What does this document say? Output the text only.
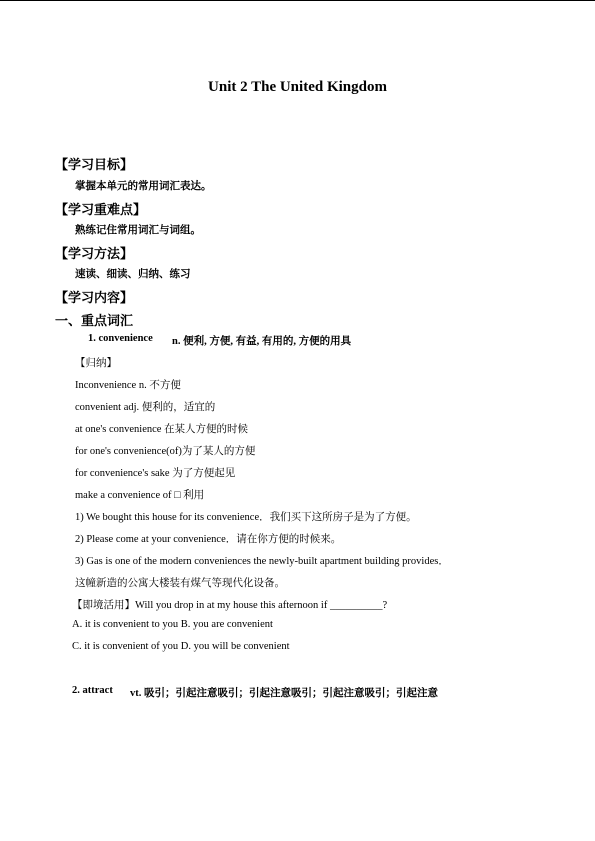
Unit 2 The United Kingdom
【学习目标】
掌握本单元的常用词汇表达。
【学习重难点】
熟练记住常用词汇与词组。
【学习方法】
速读、细读、归纳、练习
【学习内容】
一、重点词汇
1. convenience n. 便利, 方便, 有益, 有用的, 方便的用具
【归纳】
Inconvenience n. 不方便
convenient adj. 便利的，适宜的
at one's convenience 在某人方便的时候
for one's convenience(of)为了某人的方便
for convenience's sake 为了方便起见
make a convenience of □ 利用
1) We bought this house for its convenience．我们买下这所房子是为了方便。
2) Please come at your convenience．请在你方便的时候来。
3) Gas is one of the modern conveniences the newly-built apartment building provides．
这幢新造的公寓大楼装有煤气等现代化设备。
【即境活用】Will you drop in at my house this afternoon if __________?
A. it is convenient to you B. you are convenient
C. it is convenient of you D. you will be convenient
2. attract vt. 吸引；引起注意吸引；引起注意吸引；引起注意吸引；引起注意
